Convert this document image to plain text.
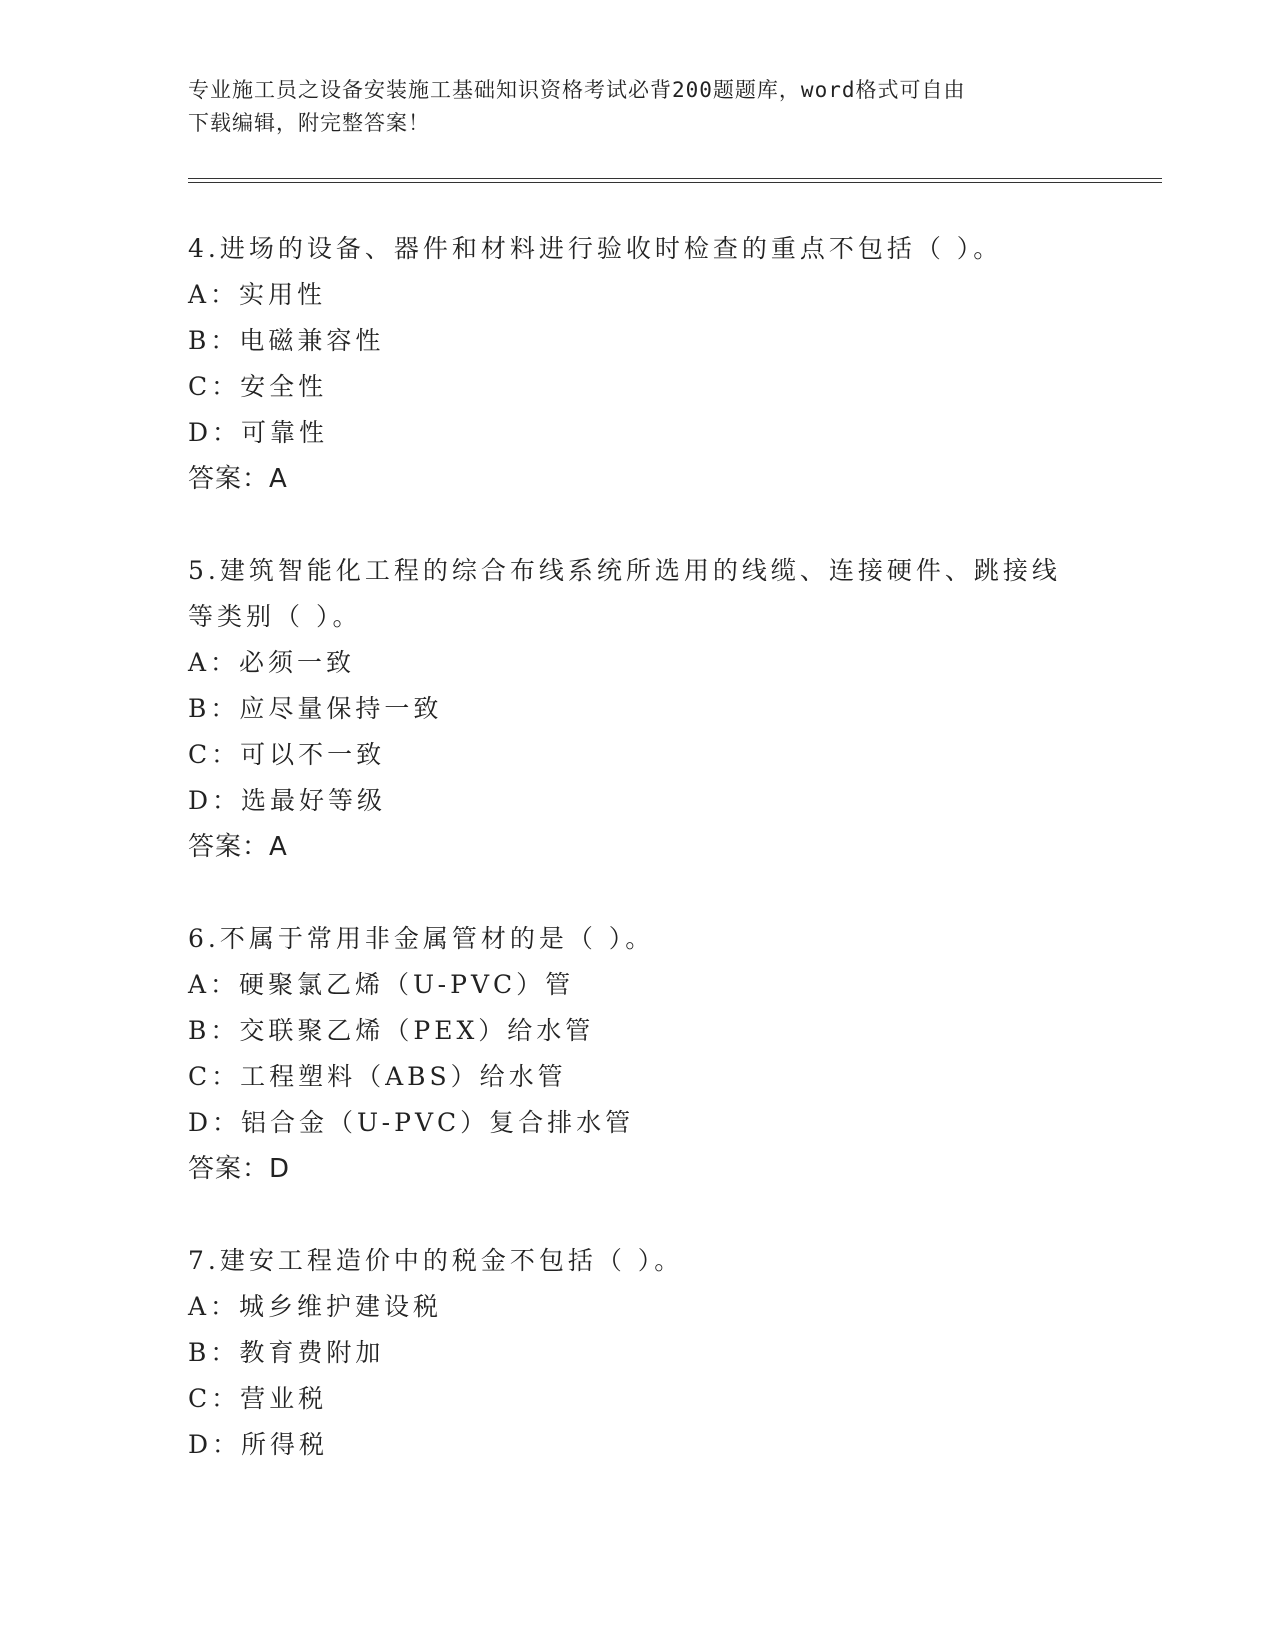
专业施工员之设备安装施工基础知识资格考试必背200题题库，word格式可自由
下载编辑，附完整答案！
4.进场的设备、器件和材料进行验收时检查的重点不包括（ ）。
A：实用性
B：电磁兼容性
C：安全性
D：可靠性
答案：A
5.建筑智能化工程的综合布线系统所选用的线缆、连接硬件、跳接线
等类别（ ）。
A：必须一致
B：应尽量保持一致
C：可以不一致
D：选最好等级
答案：A
6.不属于常用非金属管材的是（ ）。
A：硬聚氯乙烯（U-PVC）管
B：交联聚乙烯（PEX）给水管
C：工程塑料（ABS）给水管
D：铝合金（U-PVC）复合排水管
答案：D
7.建安工程造价中的税金不包括（ ）。
A：城乡维护建设税
B：教育费附加
C：营业税
D：所得税
